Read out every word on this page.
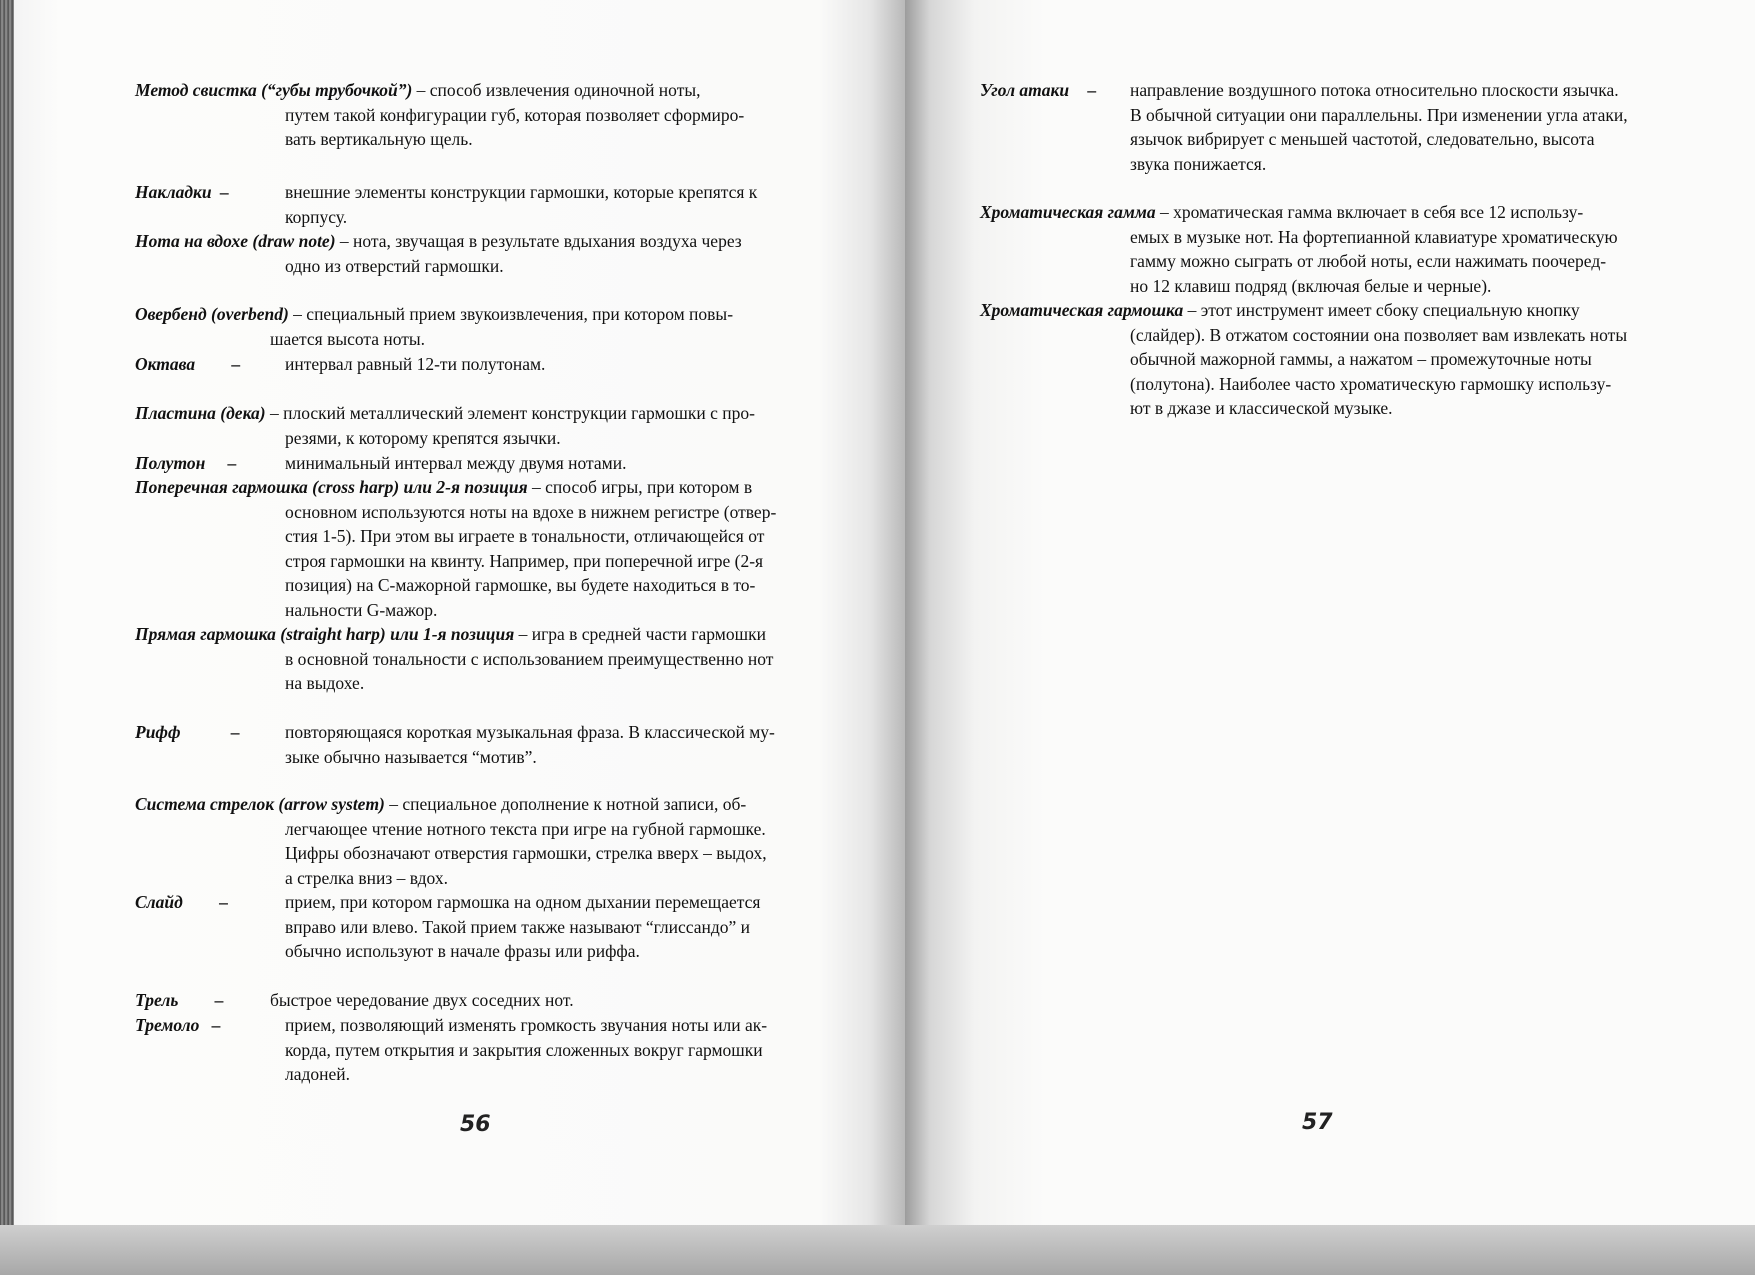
Метод свистка (“губы трубочкой”) – способ извлечения одиночной ноты,
путем такой конфигурации губ, которая позволяет сформиро-
вать вертикальную щель.
Накладки –	внешние элементы конструкции гармошки, которые крепятся к
корпусу.
Нота на вдохе (draw note) – нота, звучащая в результате вдыхания воздуха через
одно из отверстий гармошки.
Овербенд (overbend) – специальный прием звукоизвлечения, при котором повы-
шается высота ноты.
Октава –	интервал равный 12-ти полутонам.
Пластина (дека) – плоский металлический элемент конструкции гармошки с про-
резями, к которому крепятся язычки.
Полутон –	минимальный интервал между двумя нотами.
Поперечная гармошка (cross harp) или 2-я позиция – способ игры, при котором в
основном используются ноты на вдохе в нижнем регистре (отвер-
стия 1-5). При этом вы играете в тональности, отличающейся от
строя гармошки на квинту. Например, при поперечной игре (2-я
позиция) на С-мажорной гармошке, вы будете находиться в то-
нальности G-мажор.
Прямая гармошка (straight harp) или 1-я позиция – игра в средней части гармошки
в основной тональности с использованием преимущественно нот
на выдохе.
Рифф	–	повторяющаяся короткая музыкальная фраза. В классической му-
зыке обычно называется “мотив”.
Система стрелок (arrow system) – специальное дополнение к нотной записи, об-
легчающее чтение нотного текста при игре на губной гармошке.
Цифры обозначают отверстия гармошки, стрелка вверх – выдох,
а стрелка вниз – вдох.
Слайд –	прием, при котором гармошка на одном дыхании перемещается
вправо или влево. Такой прием также называют “глиссандо” и
обычно используют в начале фразы или риффа.
Трель –	быстрое чередование двух соседних нот.
Тремоло –	прием, позволяющий изменять громкость звучания ноты или ак-
корда, путем открытия и закрытия сложенных вокруг гармошки
ладоней.
56
Угол атаки –направление воздушного потока относительно плоскости язычка.
В обычной ситуации они параллельны. При изменении угла атаки,
язычок вибрирует с меньшей частотой, следовательно, высота
звука понижается.
Хроматическая гамма – хроматическая гамма включает в себя все 12 использу-
емых в музыке нот. На фортепианной клавиатуре хроматическую
гамму можно сыграть от любой ноты, если нажимать поочеред-
но 12 клавиш подряд (включая белые и черные).
Хроматическая гармошка – этот инструмент имеет сбоку специальную кнопку
(слайдер). В отжатом состоянии она позволяет вам извлекать ноты
обычной мажорной гаммы, а нажатом – промежуточные ноты
(полутона). Наиболее часто хроматическую гармошку использу-
ют в джазе и классической музыке.
57
